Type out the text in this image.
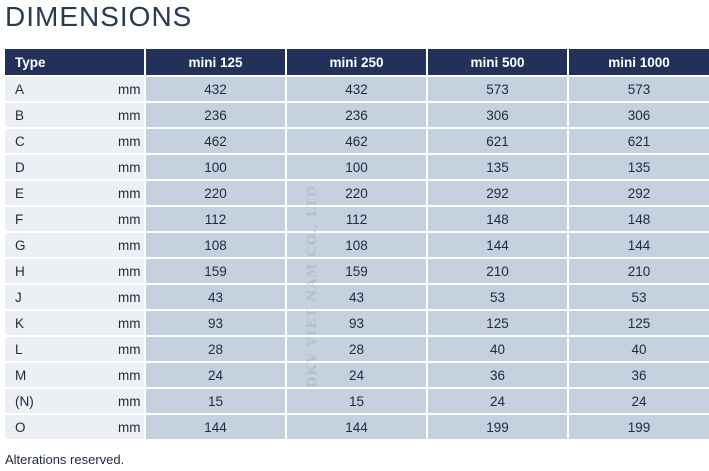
DIMENSIONS
Type		mini 125	mini 250	mini 500	mini 1000
A	mm	432	432	573	573
B	mm	236	236	306	306
C	mm	462	462	621	621
D	mm	100	100	135	135
E	mm	220	220	292	292
F	mm	112	112	148	148
G	mm	108	108	144	144
H	mm	159	159	210	210
J	mm	43	43	53	53
K	mm	93	93	125	125
L	mm	28	28	40	40
M	mm	24	24	36	36
(N)	mm	15	15	24	24
O	mm	144	144	199	199
DKV VIET NAM CO., LTD
Alterations reserved.
